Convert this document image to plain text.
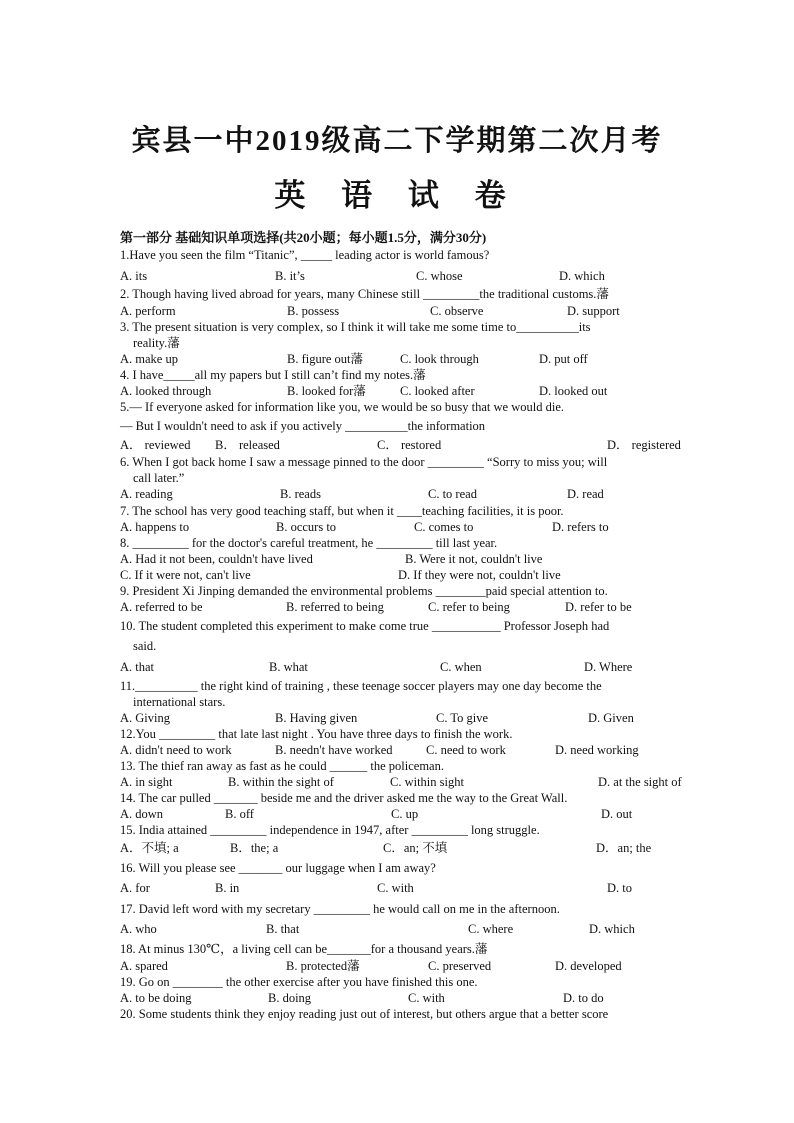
宾县一中2019级高二下学期第二次月考
英 语 试 卷
第一部分 基础知识单项选择(共20小题；每小题1.5分，满分30分)
1.Have you seen the film “Titanic”, _____ leading actor is world famous?
A. its	B. it’s	C. whose	D. which
2. Though having lived abroad for years, many Chinese still _________the traditional customs.藩
A. perform	B. possess	C. observe	D. support
3. The present situation is very complex, so I think it will take me some time to__________its
reality.藩
A. make up	B. figure out藩	C. look through	D. put off
4. I have_____all my papers but I still can’t find my notes.藩
A. looked through	B. looked for藩	C. looked after	D. looked out
5.— If everyone asked for information like you, we would be so busy that we would die.
— But I wouldn't need to ask if you actively __________the information
A． reviewed B． released	C． restored	D． registered
6. When I got back home I saw a message pinned to the door _________ “Sorry to miss you; will
call later.”
A. reading	B. reads	C. to read	D. read
7. The school has very good teaching staff, but when it ____teaching facilities, it is poor.
A. happens to	B. occurs to	C. comes to	D. refers to
8. _________ for the doctor's careful treatment, he _________ till last year.
A. Had it not been, couldn't have lived	B. Were it not, couldn't live
C. If it were not, can't live	D. If they were not, couldn't live
9. President Xi Jinping demanded the environmental problems ________paid special attention to.
A. referred to be	B. referred to being	C. refer to being	D. refer to be
10. The student completed this experiment to make come true ___________ Professor Joseph had
said.
A. that	B. what	C. when	D. Where
11.__________ the right kind of training , these teenage soccer players may one day become the
international stars.
A. Giving	B. Having given	C. To give	D. Given
12.You _________ that late last night . You have three days to finish the work.
A. didn't need to work	B. needn't have worked	C. need to work	D. need working
13. The thief ran away as fast as he could ______ the policeman.
A. in sight	B. within the sight of	C. within sight	D. at the sight of
14. The car pulled _______ beside me and the driver asked me the way to the Great Wall.
A. down	B. off	C. up	D. out
15. India attained _________ independence in 1947, after _________ long struggle.
A．不填; a	B．the; a	C．an; 不填	D．an; the
16. Will you please see _______ our luggage when I am away?
A. for	B. in	C. with	D. to
17. David left word with my secretary _________ he would call on me in the afternoon.
A. who	B. that	C. where	D. which
18. At minus 130℃，a living cell can be_______for a thousand years.藩
A. spared	B. protected藩	C. preserved	D. developed
19. Go on ________ the other exercise after you have finished this one.
A. to be doing	B. doing	C. with	D. to do
20. Some students think they enjoy reading just out of interest, but others argue that a better score
